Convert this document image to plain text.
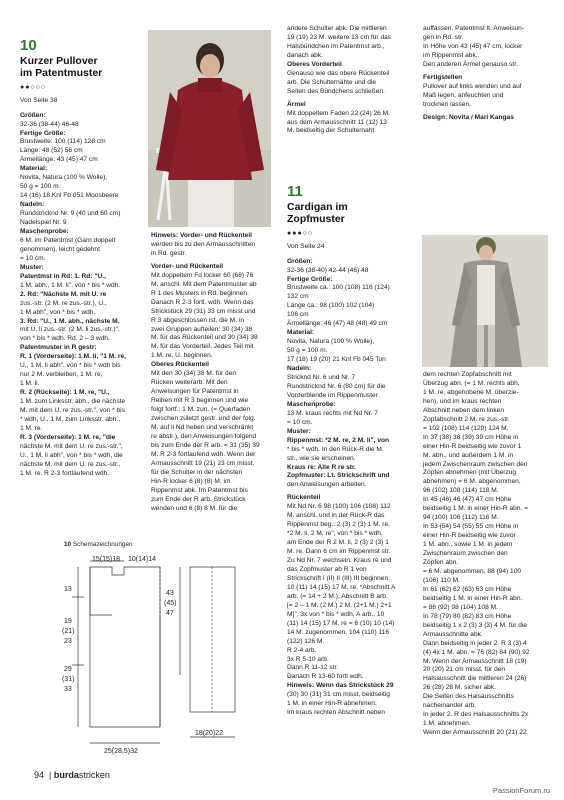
10
Kurzer Pullover
im Patentmuster
●●○○○

Von Seite 38

Größen:

32-36 (38-44) 46-48

Fertige Größe:

Brustweite: 100 (114) 128 cm

Länge: 48 (52) 56 cm

Ärmellänge: 43 (45) 47 cm

Material:

Novita, Natura (100 % Wolle),

50 g = 100 m.

14 (16) 18 Knl Fb 051 Moosbeere

Nadeln:

Rundstricknd Nr. 9 (40 und 60 cm)

Nadelspiel Nr. 9

Maschenprobe:

6 M. im Patentmst (Garn doppelt

genommen), leicht gedehnt

= 10 cm.

Muster:

Patentmst in Rd: 1. Rd: "U.,

1 M. abh., 1 M. li", von * bis * wdh.

2. Rd: "Nächste M. mit U. re

zus.-str. (2 M. re zus.-str.), U.,

1 M abh", von * bis * wdh.

3. Rd: "U., 1 M. abh., nächste M.

mit U. li zus.-str. (2 M. li zus.-str.)",

von * bis * wdh. Rd. 2 – 3 wdh.

Patentmuster in R gestr:

R. 1 (Vorderseite): 1 M. li, "1 M. re,

U., 1 M. li abh", von * bis * wdh bis

nur 2 M. verbleiben, 1 M. re,

1 M. li.

R. 2 (Rückseite): 1 M. re, "U.,

1 M. zum Linksstr. abh., die nächste

M. mit dem U. re zus.-str.", von * bis

* wdh, U., 1 M. zum Linksstr. abh.,

1 M. re.

R. 3 (Vorderseite): 1 M. re, "die

nächste M. mit dem U. re zus.-str.",

U., 1 M. li abh", von * bis * wdh, die

nächste M. mit dem U. re zus.-str.,

1 M. re. R 2-3 fortlaufend wdh.

Hinweis: Vorder- und Rückenteil

werden bis zu den Armausschnitten

in Rd. gestr.

Vorder- und Rückenteil

Mit doppeltem Fd locker 60 (68) 76

M. anschl. Mit dem Patentmuster ab

R 1 des Musters in Rd. beginnen.

Danach R 2-3 fortl. wdh. Wenn das

Strickstück 29 (31) 33 cm misst und

R 3 abgeschlossen ist, die M. in

zwei Gruppen aufteilen: 30 (34) 38

M. für das Rückenteil und 30 (34) 38

M. für das Vorderteil. Jedes Teil mit

1 M. re, U. beginnen.

Oberes Rückenteil

Mit den 30 (34) 38 M. für den

Rücken weiterarb. Mit den

Anweisungen für Patentmst in

Reihen mit R 3 beginnen und wie

folgt fortf.: 1 M. zun. (= Querfaden

zwischen zuletzt gestr. und der folg.

M. auf li Nd heben und verschränkt

re abstr.), den Anweisungen folgend

bis zum Ende der R arb. = 31 (35) 39

M. R 2-3 fortlaufend wdh. Wenn der

Armausschnitt 19 (21) 23 cm misst,

für die Schulter in der nächsten

Hin-R locker 6 (8) (8) M. im

Rippenmst abk. Im Patentmst bis

zum Ende der R arb. Strickstück

wenden und 6 (8) 8 M. für die

andere Schulter abk. Die mittleren

19 (19) 23 M. weitere 13 cm für das

Halsbündchen im Patentmst arb.,

danach abk.

Oberes Vorderteil

Genauso wie das obere Rückenteil

arb. Die Schulternähte und die

Seiten des Bündchens schließen.

Ärmel

Mit doppeltem Faden 22 (24) 26 M.

aus dem Armausschnitt 11 (12) 13

M. beidseitig der Schulternaht

auffassen. Patentmst lt. Anweisun-

gen in Rd. str.

In Höhe von 43 (45) 47 cm, locker

im Rippenmst abk..

Den anderen Ärmel genauso str.

Fertigstellen

Pullover auf links wenden und auf

Maß legen, anfeuchten und

trocknen lassen.

Design: Novita / Mari Kangas

11
Cardigan im
Zopfmuster
●●●○○

Von Seite 24

Größen:

32-36 (38-40) 42-44 (46) 48

Fertige Größe:

Brustweite ca.: 100 (108) 116 (124)

132 cm

Länge ca.: 98 (100) 102 (104)

106 cm

Ärmellänge: 46 (47) 48 (48) 49 cm

Material:

Novita, Natura (100 % Wolle),

50 g = 100 m.

17 (18) 19 (20) 21 Knl Fb 045 Ton

Nadeln:

Stricknd Nr. 6 und Nr. 7

Rundstricknd Nr. 6 (80 cm) für die

Vorderblende im Rippenmuster

Maschenprobe:

13 M. kraus rechts mit Nd Nr. 7

= 10 cm.

Muster:

Rippenmst: *2 M. re, 2 M. li", von

* bis * wdh. In den Rück-R die M.

str., wie sie erscheinen.

Kraus re: Alle R re str.

Zopfmuster: Lt. Strickschrift und

den Anweisungen arbeiten.

Rückenteil

Mit Nd Nr. 6 98 (100) 106 (108) 112

M. anschl. und in der Rück-R das

Rippenmst beg.: 2 (3) 2 (3) 1 M. re,

*2 M. li, 2 M. re", von * bis * wdh,

am Ende der R 2 M. li, 2 (3) 2 (3) 1

M. re. Dann 6 cm im Rippenmst str.

Zu Nd Nr. 7 wechseln. Kraus re und

das Zopfmuster ab R 1 von

Strickschrift I (II) II (III) III beginnen:

10 (11) 14 (15) 17 M. re, *Abschnitt A

arb. (= 14 + 2 M.), Abschnitt B arb.

[= 2 – 1 M. (2 M.) 2 M. (2+1 M.) 2+1

M]", 3x von * bis * wdh, A arb., 10

(11) 14 (15) 17 M. re = 6 (10) 10 (14)

14 M. zugenommen, 104 (110) 116

(122) 126 M.

R 2-4 arb.

3x R 5-10 arb.

Dann R 11-12 str.

Danach R 13-60 fortl wdh.

Hinweis: Wenn das Strickstück 29

(30) 30 (31) 31 cm misst, beidseitig

1 M. in einer Hin-R abnehmen:

Im kraus rechten Abschnitt neben

dem rechten Zopfabschnitt mit

Überzug abn. (= 1 M. rechts abh,

1 M. re, abgehobene M. überzie-

hen), und im kraus rechten

Abschnitt neben dem linken

Zopfabschnitt 2 M. re zus.-str.

= 102 (108) 114 (120) 124 M.

In 37 (38) 38 (39) 39 cm Höhe in

einer Hin-R beidseitig wie zuvor 1

M. abn., und außerdem 1 M. in

jedem Zwischenraum zwischen den

Zöpfen abnehmen (mit Überzug

abnehmen) = 6 M. abgenommen,

96 (102) 108 (114) 118 M.

In 45 (46) 46 (47) 47 cm Höhe

beidseitig 1 M. in einer Hin-R abn. =

94 (100) 106 (112) 116 M.

In 53 (54) 54 (55) 55 cm Höhe in

einer Hin-R beidseitig wie zuvor

1 M. abn., sowie 1 M. in jedem

Zwischenraum zwischen den

Zöpfen abn.

= 6 M. abgenommen, 88 (94) 100

(106) 110 M.

In 61 (62) 62 (63) 63 cm Höhe

beidseitig 1 M. in einer Hin-R abn.

= 86 (92) 98 (104) 108 M.

In 78 (79) 80 (82) 83 cm Höhe

beidseitig 1 x 2 (3) 3 (3) 4 M. für die

Armausschnitte abk.

Dann beidseitig in jeder 2. R 3 (3) 4

(4) 4x 1 M. abn. = 76 (82) 84 (90) 92

M. Wenn der Armausschnitt 18 (19)

20 (20) 21 cm misst, für den

Halsausschnitt die mittleren 24 (26)

26 (28) 28 M. sicher abk.

Die Seiten des Halsausschnitts

nacheinander arb.

In jeder 2. R des Halsausschnitts 2x

1 M. abnehmen.

Wenn der Armausschnitt 20 (21) 22

10 Schemazeichnungen
15(15)18 10(14)14
13
19
(21)
23
29
(31)
33
25(28,5)32
43
(45)
47
18(20)22
94  | burdastricken
PassionForum.ru
